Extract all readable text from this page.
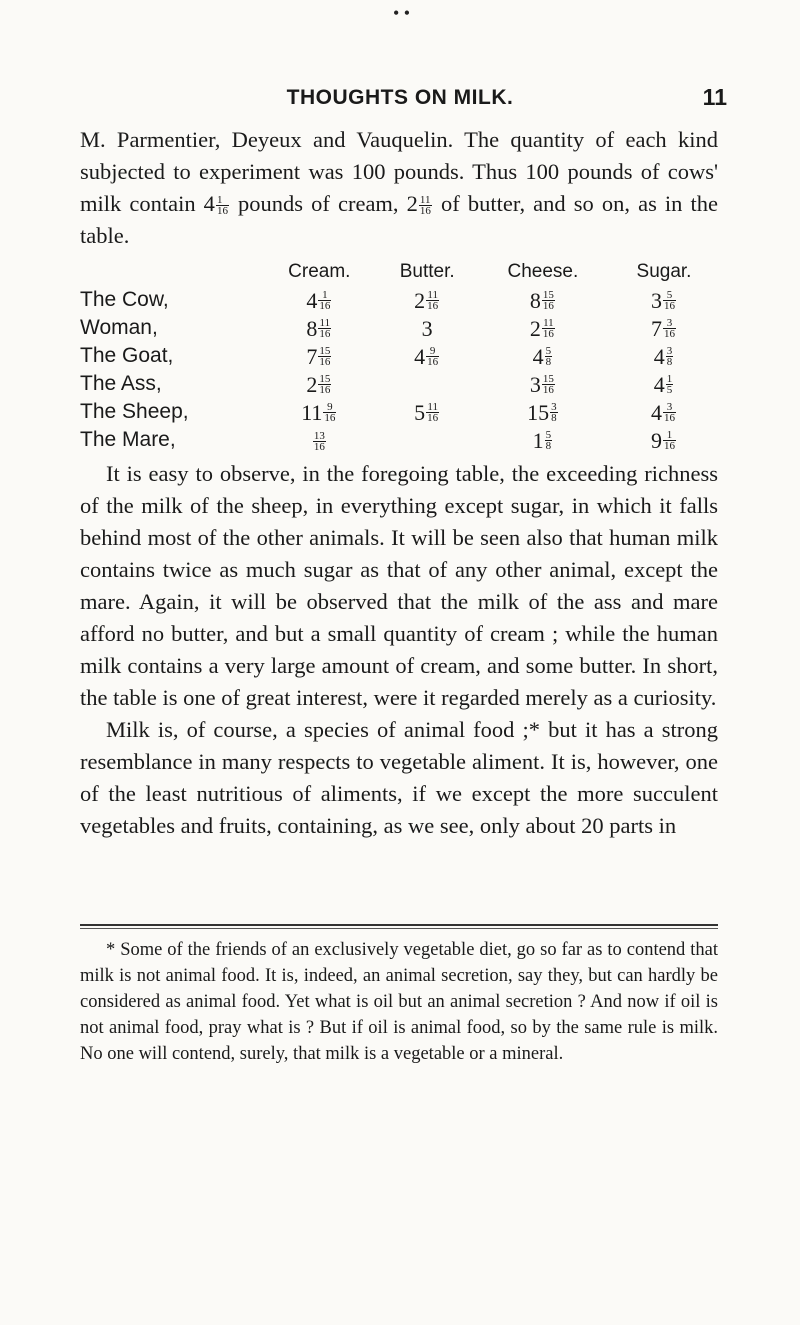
• •
THOUGHTS ON MILK.	11

M. Parmentier, Deyeux and Vauquelin. The quantity of each kind subjected to experiment was 100 pounds. Thus 100 pounds of cows' milk contain $4 \frac{1}{16}$ pounds of cream, $2 \frac{11}{16}$ of butter, and so on, as in the table.

	Cream.	Butter.	Cheese.	Sugar.
The Cow,	$4 \frac{1}{16}$	$2 \frac{11}{16}$	$8 \frac{15}{16}$	$3 \frac{5}{16}$

Woman,	$8 \frac{11}{16}$	3	$2 \frac{11}{16}$	$7 \frac{3}{16}$

The Goat,	$7 \frac{15}{16}$	$4 \frac{9}{16}$	$4 \frac{5}{8}$	$4 \frac{3}{8}$

The Ass,	$2 \frac{15}{16}$		$3 \frac{15}{16}$	$4 \frac{1}{5}$

The Sheep,	$11 \frac{9}{16}$	$5 \frac{11}{16}$	$15 \frac{3}{8}$	$4 \frac{3}{16}$

The Mare,	$\frac{13}{16}$		$1 \frac{5}{8}$	$9 \frac{1}{16}$

It is easy to observe, in the foregoing table, the exceeding richness of the milk of the sheep, in everything except sugar, in which it falls behind most of the other animals. It will be seen also that human milk contains twice as much sugar as that of any other animal, except the mare. Again, it will be observed that the milk of the ass and mare afford no butter, and but a small quantity of cream ; while the human milk contains a very large amount of cream, and some butter. In short, the table is one of great interest, were it regarded merely as a curiosity.

Milk is, of course, a species of animal food ;* but it has a strong resemblance in many respects to vegetable aliment. It is, however, one of the least nutritious of aliments, if we except the more succulent vegetables and fruits, containing, as we see, only about 20 parts in

* Some of the friends of an exclusively vegetable diet, go so far as to contend that milk is not animal food. It is, indeed, an animal secretion, say they, but can hardly be considered as animal food. Yet what is oil but an animal secretion ? And now if oil is not animal food, pray what is ? But if oil is animal food, so by the same rule is milk. No one will contend, surely, that milk is a vegetable or a mineral.
